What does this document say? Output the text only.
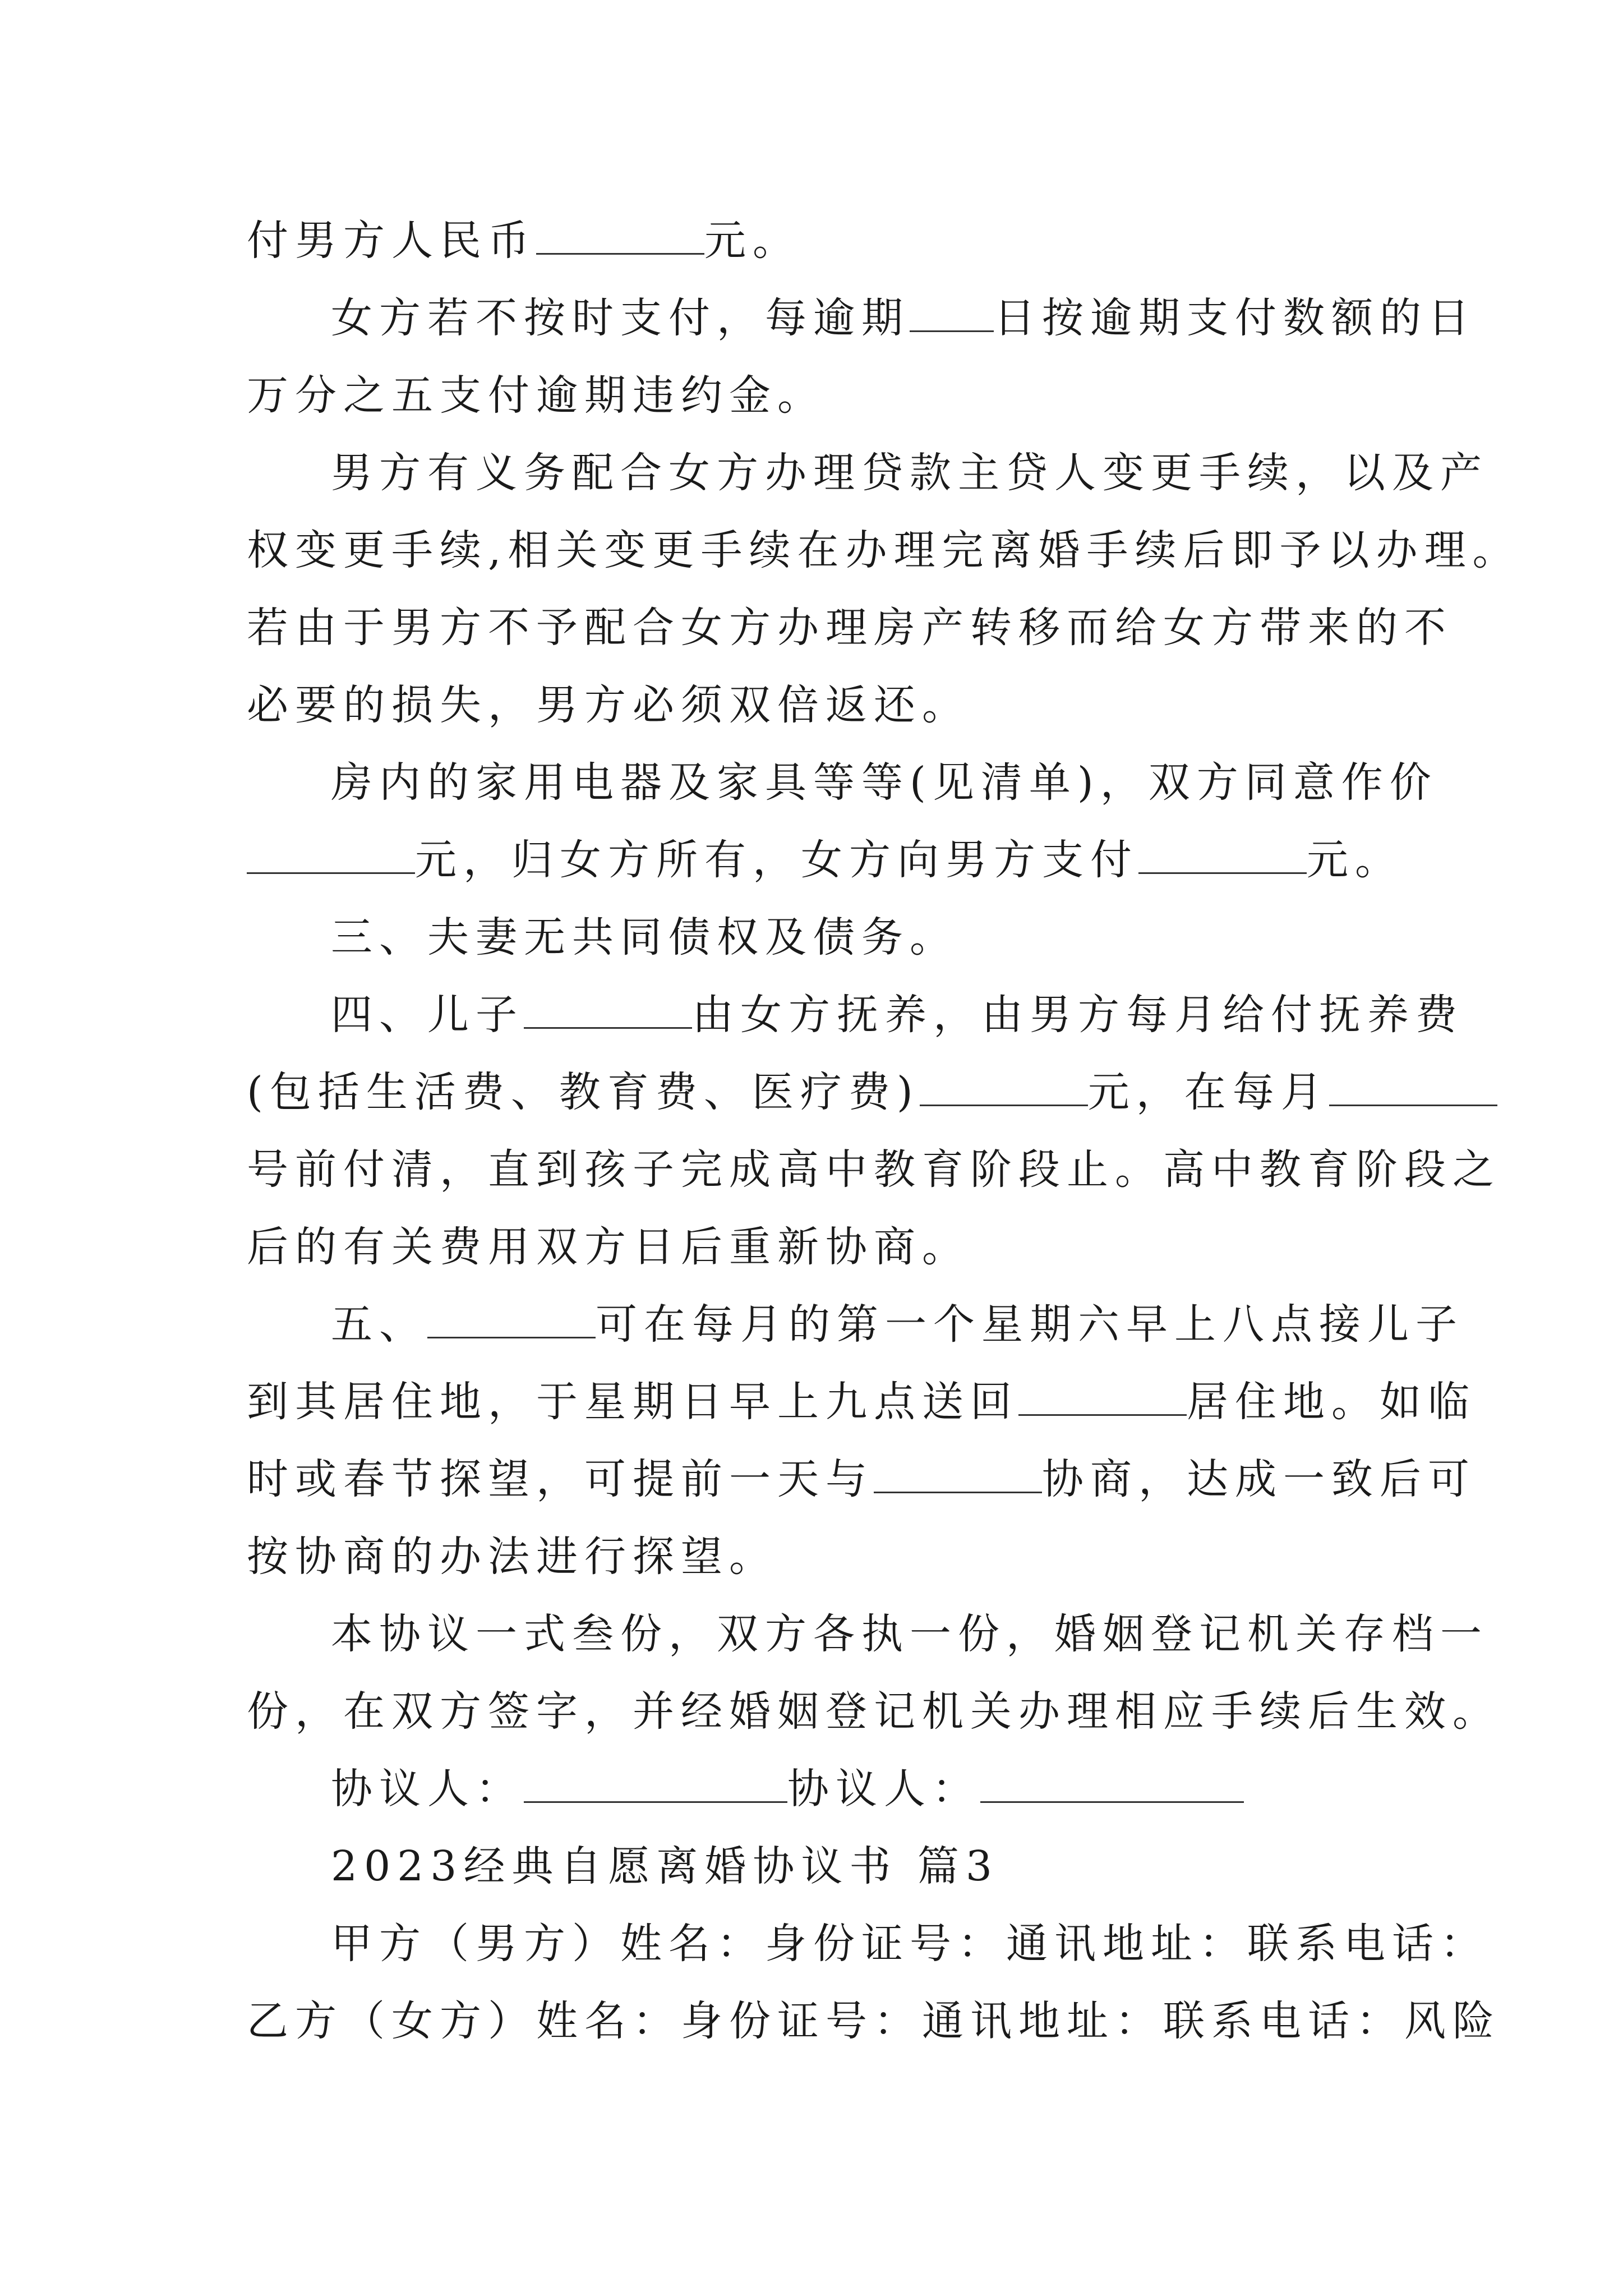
付男方人民币	元。
女方若不按时支付，每逾期 日按逾期支付数额的日
万分之五支付逾期违约金。
男方有义务配合女方办理贷款主贷人变更手续，以及产
权变更手续,相关变更手续在办理完离婚手续后即予以办理。
若由于男方不予配合女方办理房产转移而给女方带来的不
必要的损失，男方必须双倍返还。
房内的家用电器及家具等等(见清单)，双方同意作价
元，归女方所有，女方向男方支付	元。
三、夫妻无共同债权及债务。
四、儿子	由女方抚养，由男方每月给付抚养费
(包括生活费、教育费、医疗费)	元，在每月
号前付清，直到孩子完成高中教育阶段止。高中教育阶段之
后的有关费用双方日后重新协商。
五、	可在每月的第一个星期六早上八点接儿子
到其居住地，于星期日早上九点送回	居住地。如临
时或春节探望，可提前一天与	协商，达成一致后可
按协商的办法进行探望。
本协议一式叁份，双方各执一份，婚姻登记机关存档一
份，在双方签字，并经婚姻登记机关办理相应手续后生效。
协议人：	协议人：
2023经典自愿离婚协议书 篇3
甲方（男方）姓名：身份证号：通讯地址：联系电话：
乙方（女方）姓名：身份证号：通讯地址：联系电话：风险
